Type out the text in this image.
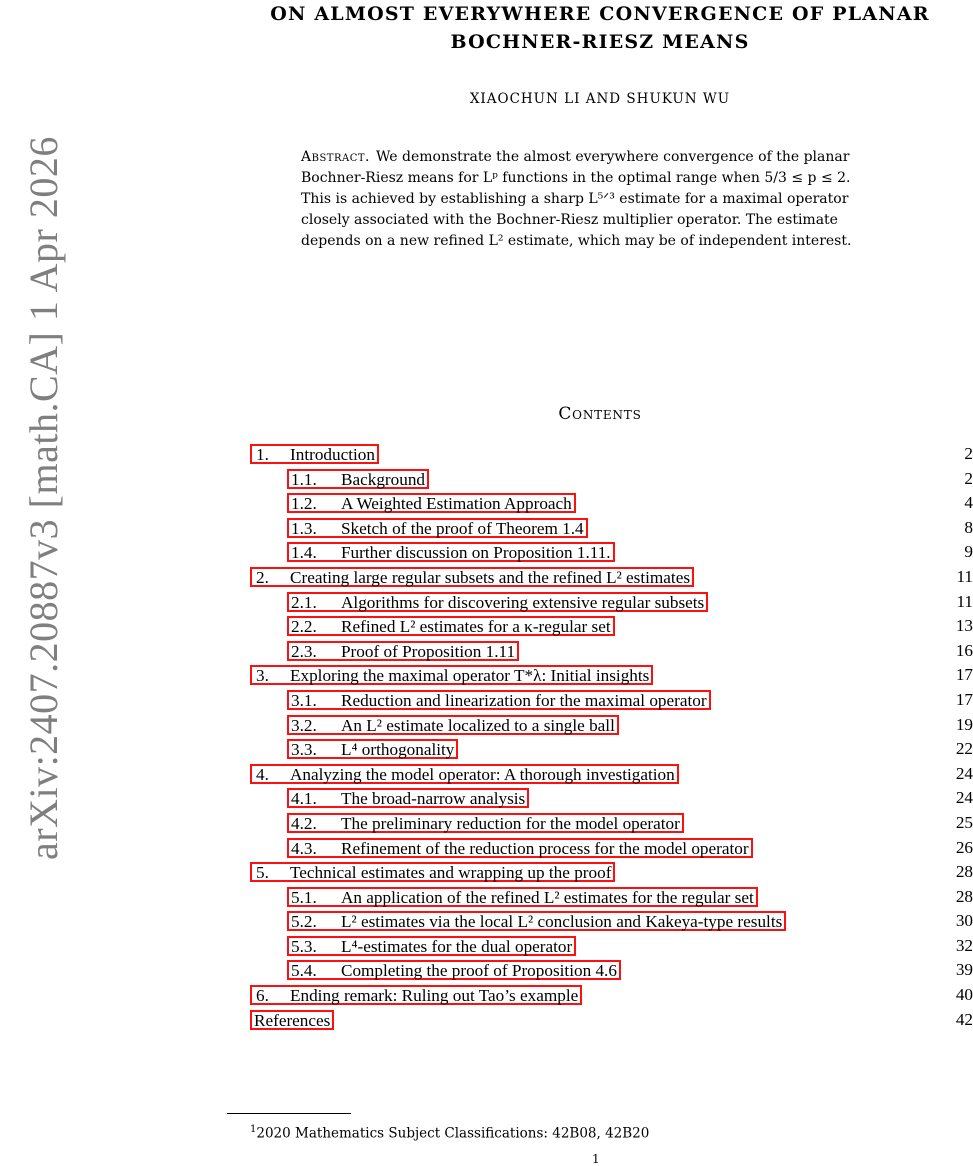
arXiv:2407.20887v3 [math.CA] 1 Apr 2026
ON ALMOST EVERYWHERE CONVERGENCE OF PLANAR
BOCHNER-RIESZ MEANS
XIAOCHUN LI AND SHUKUN WU
Abstract. We demonstrate the almost everywhere convergence of the planar
Bochner-Riesz means for Lᵖ functions in the optimal range when 5/3 ≤ p ≤ 2.
This is achieved by establishing a sharp L⁵ᐟ³ estimate for a maximal operator
closely associated with the Bochner-Riesz multiplier operator. The estimate
depends on a new refined L² estimate, which may be of independent interest.
Contents
1. Introduction	2
1.1. Background	2
1.2. A Weighted Estimation Approach	4
1.3. Sketch of the proof of Theorem 1.4	8
1.4. Further discussion on Proposition 1.11.	9
2. Creating large regular subsets and the refined L² estimates	11
2.1. Algorithms for discovering extensive regular subsets	11
2.2. Refined L² estimates for a κ-regular set	13
2.3. Proof of Proposition 1.11	16
3. Exploring the maximal operator T*λ: Initial insights	17
3.1. Reduction and linearization for the maximal operator	17
3.2. An L² estimate localized to a single ball	19
3.3. L⁴ orthogonality	22
4. Analyzing the model operator: A thorough investigation	24
4.1. The broad-narrow analysis	24
4.2. The preliminary reduction for the model operator	25
4.3. Refinement of the reduction process for the model operator	26
5. Technical estimates and wrapping up the proof	28
5.1. An application of the refined L² estimates for the regular set	28
5.2. L² estimates via the local L² conclusion and Kakeya-type results	30
5.3. L⁴-estimates for the dual operator	32
5.4. Completing the proof of Proposition 4.6	39
6. Ending remark: Ruling out Tao’s example	40
References	42
$^1$2020 Mathematics Subject Classifications: 42B08, 42B20
1
